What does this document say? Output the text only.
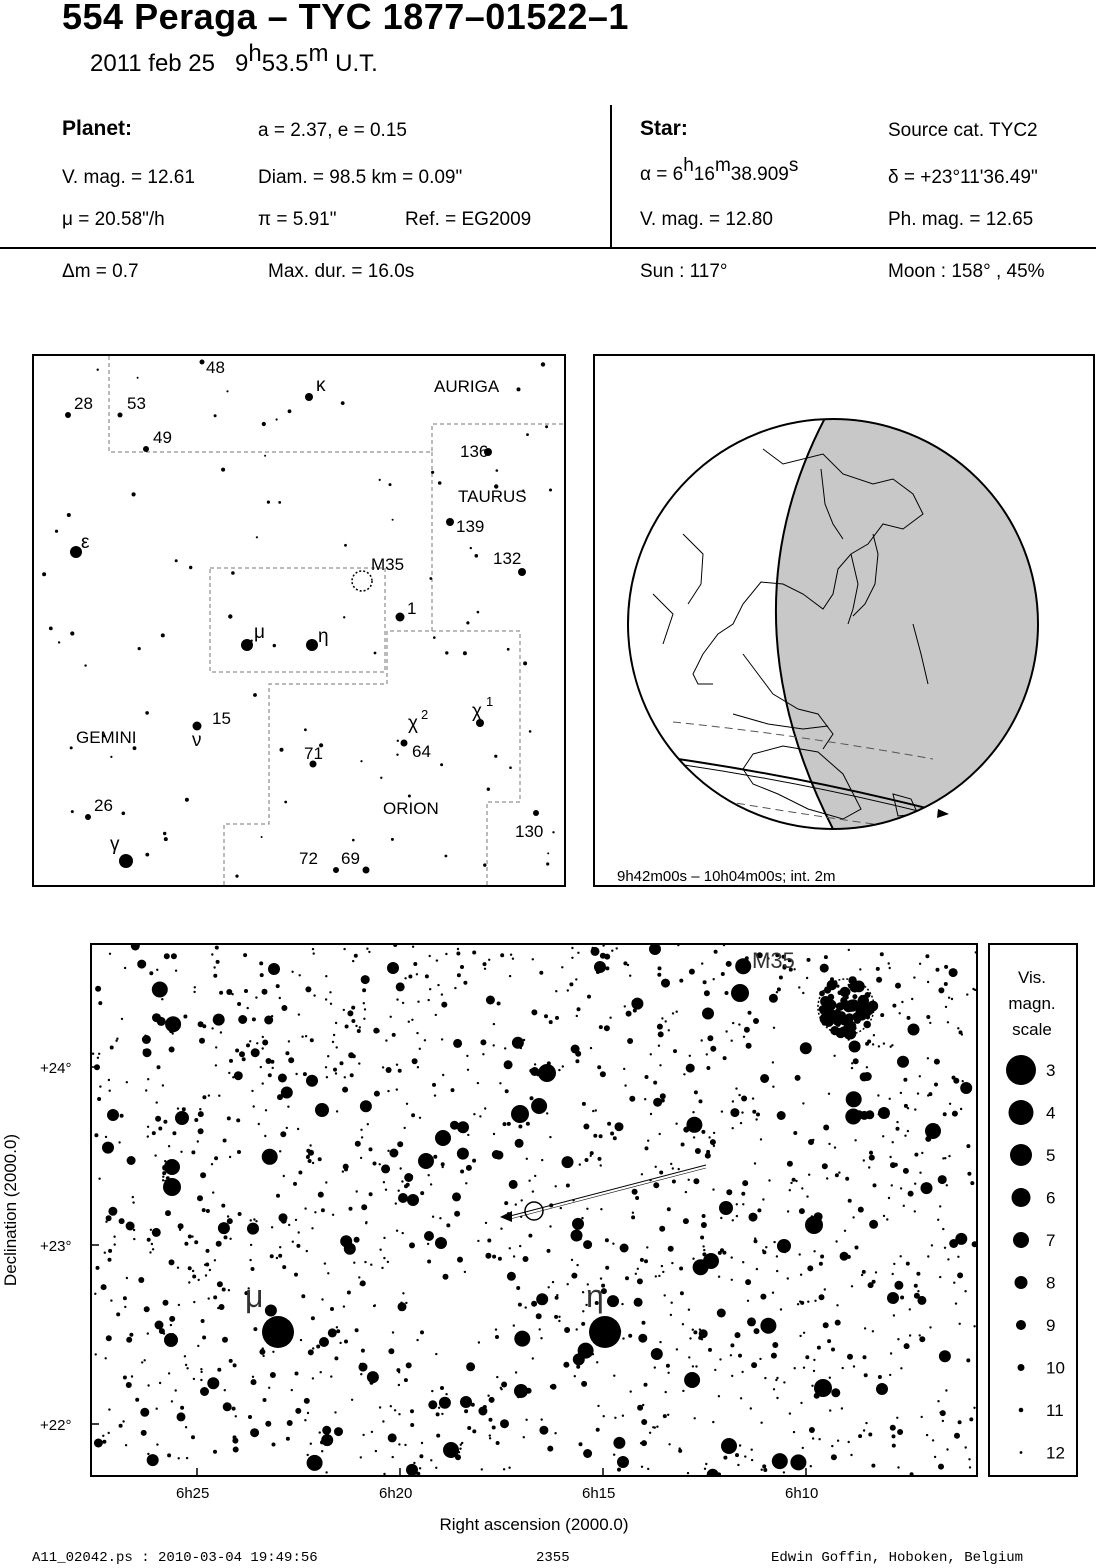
554 Peraga – TYC 1877–01522–1
2011 feb 25 9$^h$53.5$^m$ U.T.
Planet:	a = 2.37, e = 0.15
V. mag. = 12.61	Diam. = 98.5 km = 0.09"
μ = 20.58"/h	π = 5.91"	Ref. = EG2009
Star:	Source cat. TYC2
$\alpha = 6^h16^m38.909^s$
δ = +23°11'36.49"
V. mag. = 12.80	Ph. mag. = 12.65
Δm = 0.7	Max. dur. = 16.0s	Sun : 117°	Moon : 158° , 45%
48
28 53
49
AURIGA
136
TAURUS
139
132
M35
1
GEMINI
15
71	64
ORION
26
130
72 69
κ
ε
μ	η
ν
χ 2 χ 1
γ
9h42m00s – 10h04m00s; int. 2m
M35
μ	η
+24°
+23°
+22°
6h25	6h20	6h15	6h10
Right ascension (2000.0)
Declination (2000.0)
Vis.
magn.
scale
3
4
5
6
7
8
9
10
11
12
A11_02042.ps : 2010-03-04 19:49:56	2355	Edwin Goffin, Hoboken, Belgium
